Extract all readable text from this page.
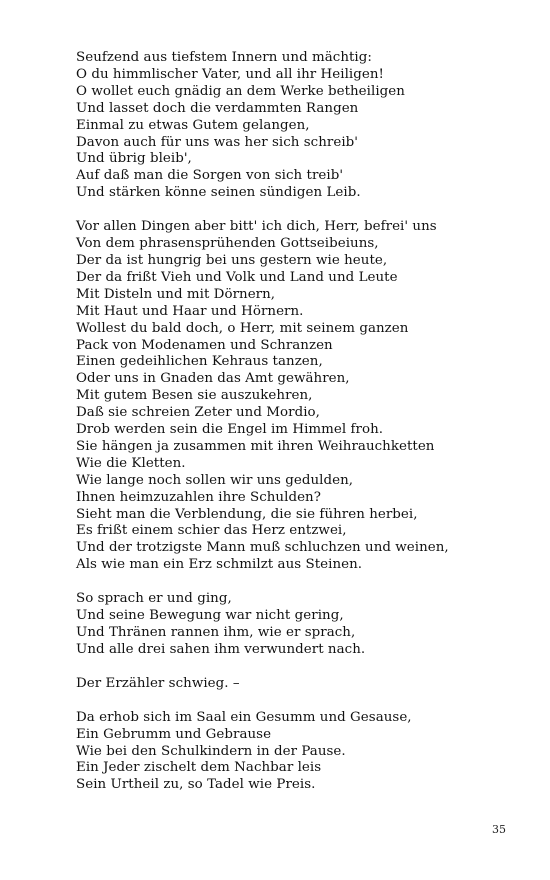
Seufzend aus tiefstem Innern und mächtig:
O du himmlischer Vater, und all ihr Heiligen!
O wollet euch gnädig an dem Werke betheiligen
Und lasset doch die verdammten Rangen
Einmal zu etwas Gutem gelangen,
Davon auch für uns was her sich schreib'
Und übrig bleib',
Auf daß man die Sorgen von sich treib'
Und stärken könne seinen sündigen Leib.
Vor allen Dingen aber bitt' ich dich, Herr, befrei' uns
Von dem phrasensprühenden Gottseibeiuns,
Der da ist hungrig bei uns gestern wie heute,
Der da frißt Vieh und Volk und Land und Leute
Mit Disteln und mit Dörnern,
Mit Haut und Haar und Hörnern.
Wollest du bald doch, o Herr, mit seinem ganzen
Pack von Modenamen und Schranzen
Einen gedeihlichen Kehraus tanzen,
Oder uns in Gnaden das Amt gewähren,
Mit gutem Besen sie auszukehren,
Daß sie schreien Zeter und Mordio,
Drob werden sein die Engel im Himmel froh.
Sie hängen ja zusammen mit ihren Weihrauchketten
Wie die Kletten.
Wie lange noch sollen wir uns gedulden,
Ihnen heimzuzahlen ihre Schulden?
Sieht man die Verblendung, die sie führen herbei,
Es frißt einem schier das Herz entzwei,
Und der trotzigste Mann muß schluchzen und weinen,
Als wie man ein Erz schmilzt aus Steinen.
So sprach er und ging,
Und seine Bewegung war nicht gering,
Und Thränen rannen ihm, wie er sprach,
Und alle drei sahen ihm verwundert nach.
Der Erzähler schwieg. –
Da erhob sich im Saal ein Gesumm und Gesause,
Ein Gebrumm und Gebrause
Wie bei den Schulkindern in der Pause.
Ein Jeder zischelt dem Nachbar leis
Sein Urtheil zu, so Tadel wie Preis.
35
